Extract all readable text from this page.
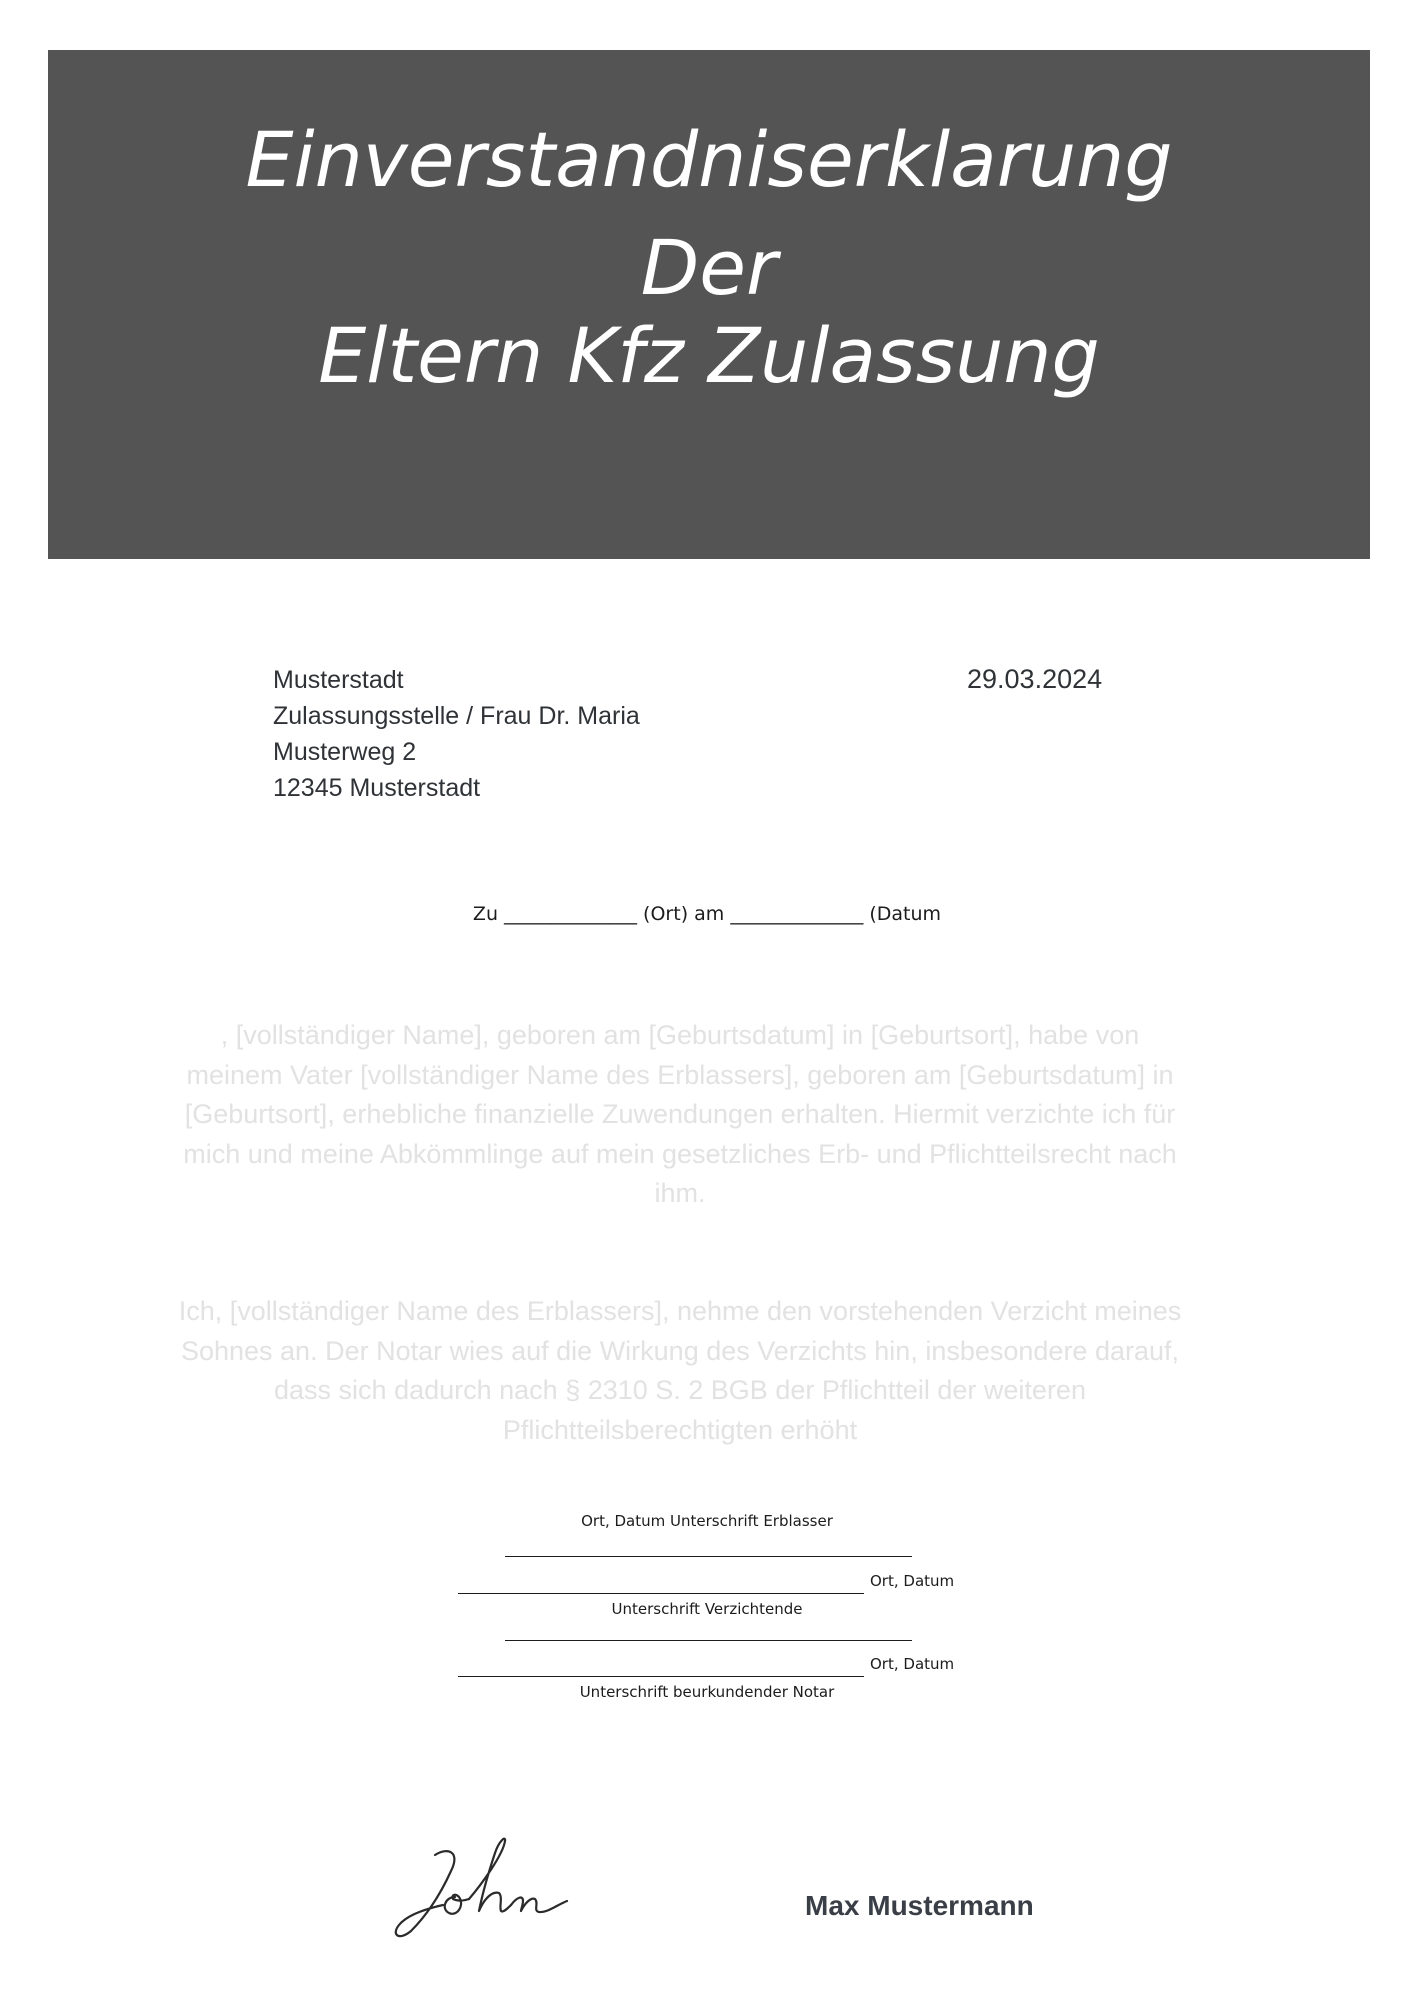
Einverstandniserklarung
Der
Eltern Kfz Zulassung
Musterstadt
Zulassungsstelle / Frau Dr. Maria
Musterweg 2
12345 Musterstadt
29.03.2024
Zu ______________ (Ort) am ______________ (Datum
, [vollständiger Name], geboren am [Geburtsdatum] in [Geburtsort], habe von meinem Vater [vollständiger Name des Erblassers], geboren am [Geburtsdatum] in [Geburtsort], erhebliche finanzielle Zuwendungen erhalten. Hiermit verzichte ich für mich und meine Abkömmlinge auf mein gesetzliches Erb- und Pflichtteilsrecht nach ihm.
Ich, [vollständiger Name des Erblassers], nehme den vorstehenden Verzicht meines Sohnes an. Der Notar wies auf die Wirkung des Verzichts hin, insbesondere darauf, dass sich dadurch nach § 2310 S. 2 BGB der Pflichtteil der weiteren Pflichtteilsberechtigten erhöht
Ort, Datum Unterschrift Erblasser
Ort, Datum
Unterschrift Verzichtende
Ort, Datum
Unterschrift beurkundender Notar
Max Mustermann
